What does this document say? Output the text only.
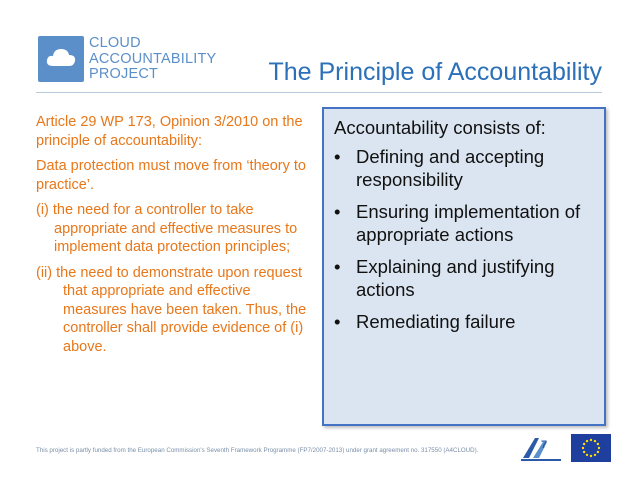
CLOUD
ACCOUNTABILITY
PROJECT	The Principle of Accountability

Article 29 WP 173, Opinion 3/2010 on the principle of accountability:

Data protection must move from ‘theory to practice’.

(i) the need for a controller to take appropriate and effective measures to implement data protection principles;

(ii) the need to demonstrate upon request that appropriate and effective measures have been taken. Thus, the controller shall provide evidence of (i) above.

Accountability consists of:
• Defining and accepting responsibility
• Ensuring implementation of appropriate actions
• Explaining and justifying actions
• Remediating failure
This project is partly funded from the European Commission's Seventh Framework Programme (FP7/2007-2013) under grant agreement no. 317550 (A4CLOUD).	7
